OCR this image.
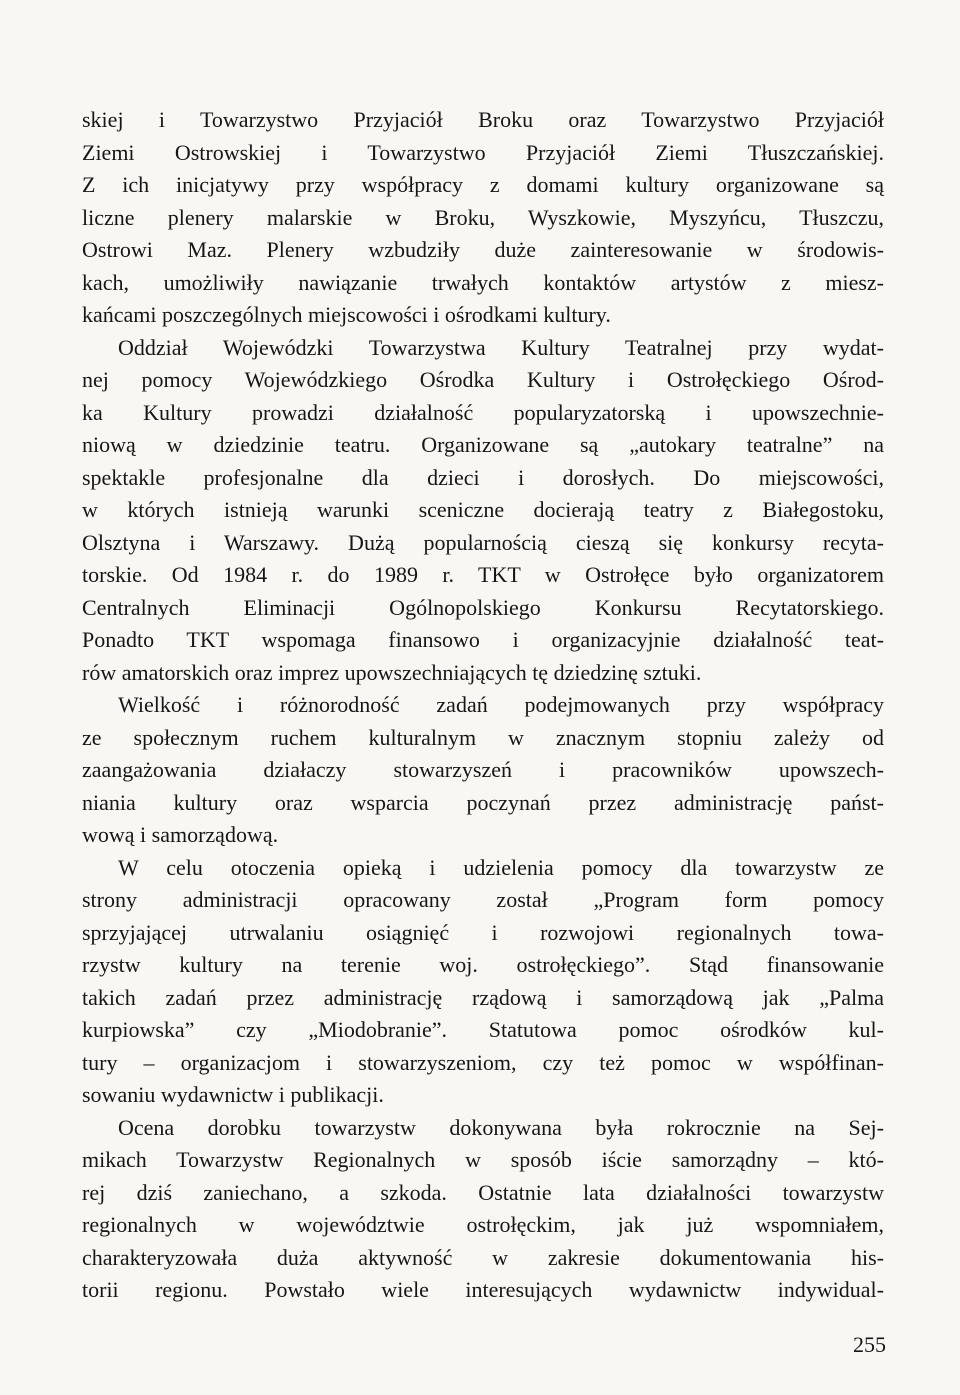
skiej i Towarzystwo Przyjaciół Broku oraz Towarzystwo Przyjaciół
Ziemi Ostrowskiej i Towarzystwo Przyjaciół Ziemi Tłuszczańskiej.
Z ich inicjatywy przy współpracy z domami kultury organizowane są
liczne plenery malarskie w Broku, Wyszkowie, Myszyńcu, Tłuszczu,
Ostrowi Maz. Plenery wzbudziły duże zainteresowanie w środowis-
kach, umożliwiły nawiązanie trwałych kontaktów artystów z miesz-
kańcami poszczególnych miejscowości i ośrodkami kultury.
Oddział Wojewódzki Towarzystwa Kultury Teatralnej przy wydat-
nej pomocy Wojewódzkiego Ośrodka Kultury i Ostrołęckiego Ośrod-
ka Kultury prowadzi działalność popularyzatorską i upowszechnie-
niową w dziedzinie teatru. Organizowane są „autokary teatralne” na
spektakle profesjonalne dla dzieci i dorosłych. Do miejscowości,
w których istnieją warunki sceniczne docierają teatry z Białegostoku,
Olsztyna i Warszawy. Dużą popularnością cieszą się konkursy recyta-
torskie. Od 1984 r. do 1989 r. TKT w Ostrołęce było organizatorem
Centralnych Eliminacji Ogólnopolskiego Konkursu Recytatorskiego.
Ponadto TKT wspomaga finansowo i organizacyjnie działalność teat-
rów amatorskich oraz imprez upowszechniających tę dziedzinę sztuki.
Wielkość i różnorodność zadań podejmowanych przy współpracy
ze społecznym ruchem kulturalnym w znacznym stopniu zależy od
zaangażowania działaczy stowarzyszeń i pracowników upowszech-
niania kultury oraz wsparcia poczynań przez administrację państ-
wową i samorządową.
W celu otoczenia opieką i udzielenia pomocy dla towarzystw ze
strony administracji opracowany został „Program form pomocy
sprzyjającej utrwalaniu osiągnięć i rozwojowi regionalnych towa-
rzystw kultury na terenie woj. ostrołęckiego”. Stąd finansowanie
takich zadań przez administrację rządową i samorządową jak „Palma
kurpiowska” czy „Miodobranie”. Statutowa pomoc ośrodków kul-
tury – organizacjom i stowarzyszeniom, czy też pomoc w współfinan-
sowaniu wydawnictw i publikacji.
Ocena dorobku towarzystw dokonywana była rokrocznie na Sej-
mikach Towarzystw Regionalnych w sposób iście samorządny – któ-
rej dziś zaniechano, a szkoda. Ostatnie lata działalności towarzystw
regionalnych w województwie ostrołęckim, jak już wspomniałem,
charakteryzowała duża aktywność w zakresie dokumentowania his-
torii regionu. Powstało wiele interesujących wydawnictw indywidual-
255
